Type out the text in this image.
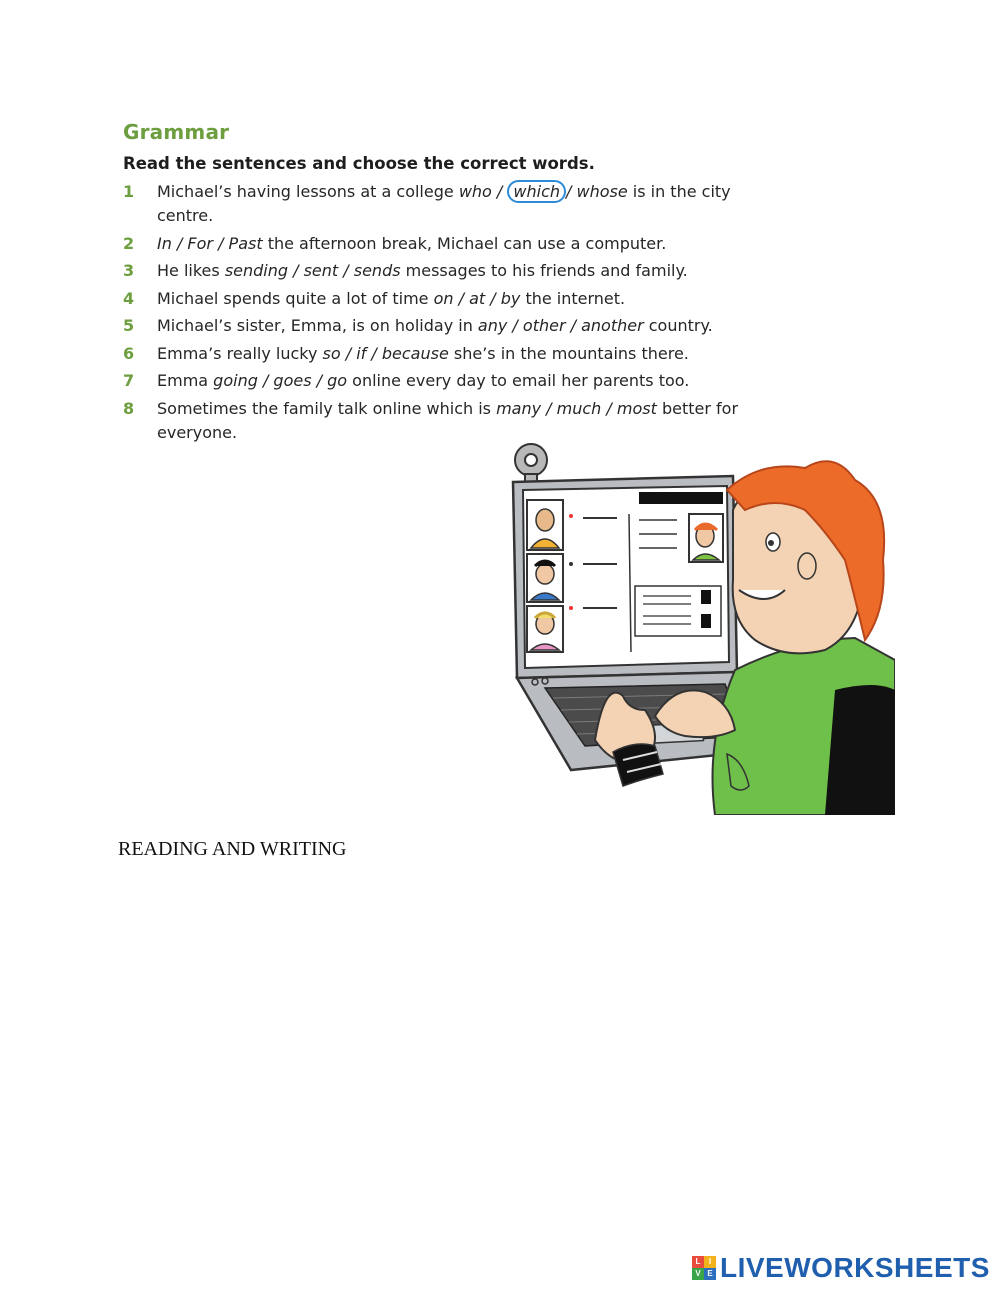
Grammar

Read the sentences and choose the correct words.

1 Michael’s having lessons at a college who / which / whose is in the city centre.
2 In / For / Past the afternoon break, Michael can use a computer.
3 He likes sending / sent / sends messages to his friends and family.
4 Michael spends quite a lot of time on / at / by the internet.
5 Michael’s sister, Emma, is on holiday in any / other / another country.
6 Emma’s really lucky so / if / because she’s in the mountains there.
7 Emma going / goes / go online every day to email her parents too.
8 Sometimes the family talk online which is many / much / most better for everyone.

READING AND WRITING

L	I
V E LIVEWORKSHEETS
